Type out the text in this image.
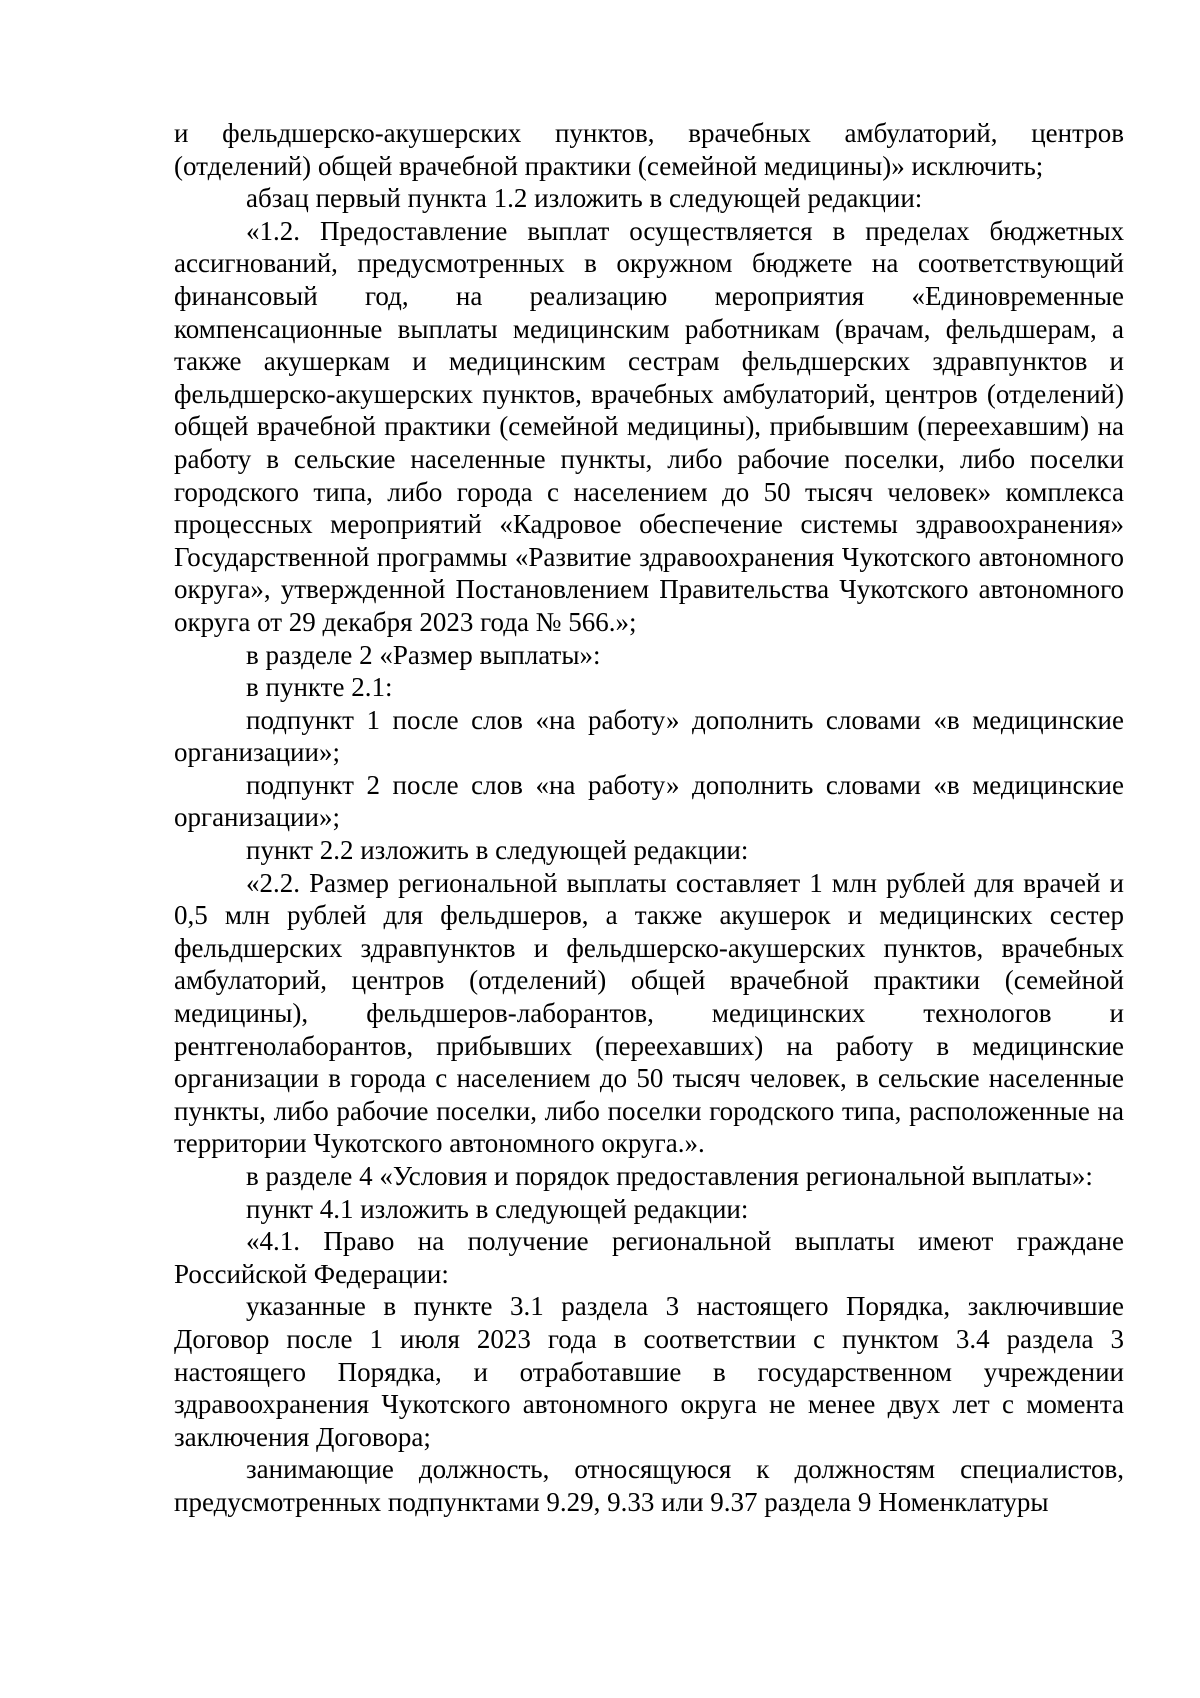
и фельдшерско-акушерских пунктов, врачебных амбулаторий, центров (отделений) общей врачебной практики (семейной медицины)» исключить;

абзац первый пункта 1.2 изложить в следующей редакции:

«1.2. Предоставление выплат осуществляется в пределах бюджетных ассигнований, предусмотренных в окружном бюджете на соответствующий финансовый год, на реализацию мероприятия «Единовременные компенсационные выплаты медицинским работникам (врачам, фельдшерам, а также акушеркам и медицинским сестрам фельдшерских здравпунктов и фельдшерско-акушерских пунктов, врачебных амбулаторий, центров (отделений) общей врачебной практики (семейной медицины), прибывшим (переехавшим) на работу в сельские населенные пункты, либо рабочие поселки, либо поселки городского типа, либо города с населением до 50 тысяч человек» комплекса процессных мероприятий «Кадровое обеспечение системы здравоохранения» Государственной программы «Развитие здравоохранения Чукотского автономного округа», утвержденной Постановлением Правительства Чукотского автономного округа от 29 декабря 2023 года № 566.»;

в разделе 2 «Размер выплаты»:

в пункте 2.1:

подпункт 1 после слов «на работу» дополнить словами «в медицинские организации»;

подпункт 2 после слов «на работу» дополнить словами «в медицинские организации»;

пункт 2.2 изложить в следующей редакции:

«2.2. Размер региональной выплаты составляет 1 млн рублей для врачей и 0,5 млн рублей для фельдшеров, а также акушерок и медицинских сестер фельдшерских здравпунктов и фельдшерско-акушерских пунктов, врачебных амбулаторий, центров (отделений) общей врачебной практики (семейной медицины), фельдшеров-лаборантов, медицинских технологов и рентгенолаборантов, прибывших (переехавших) на работу в медицинские организации в города с населением до 50 тысяч человек, в сельские населенные пункты, либо рабочие поселки, либо поселки городского типа, расположенные на территории Чукотского автономного округа.».

в разделе 4 «Условия и порядок предоставления региональной выплаты»:

пункт 4.1 изложить в следующей редакции:

«4.1. Право на получение региональной выплаты имеют граждане Российской Федерации:

указанные в пункте 3.1 раздела 3 настоящего Порядка, заключившие Договор после 1 июля 2023 года в соответствии с пунктом 3.4 раздела 3 настоящего Порядка, и отработавшие в государственном учреждении здравоохранения Чукотского автономного округа не менее двух лет с момента заключения Договора;

занимающие должность, относящуюся к должностям специалистов, предусмотренных подпунктами 9.29, 9.33 или 9.37 раздела 9 Номенклатуры
